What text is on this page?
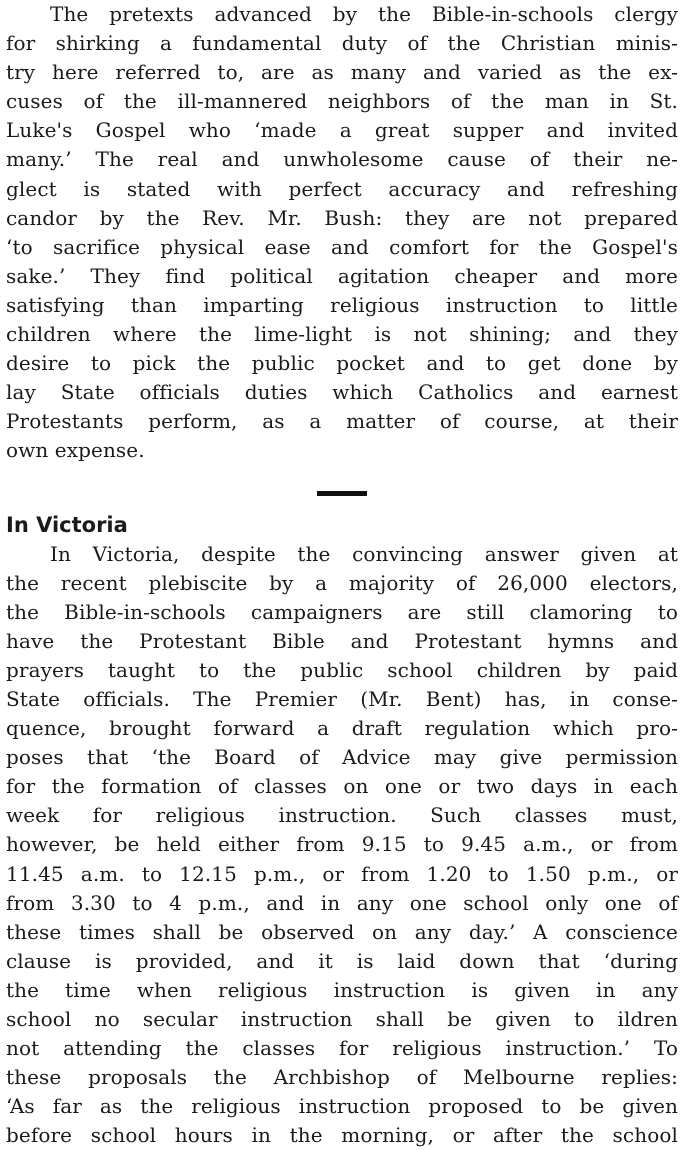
The pretexts advanced by the Bible-in-schools clergy
for shirking a fundamental duty of the Christian minis-
try here referred to, are as many and varied as the ex-
cuses of the ill-mannered neighbors of the man in St.
Luke's Gospel who ‘made a great supper and invited
many.’ The real and unwholesome cause of their ne-
glect is stated with perfect accuracy and refreshing
candor by the Rev. Mr. Bush: they are not prepared
‘to sacrifice physical ease and comfort for the Gospel's
sake.’ They find political agitation cheaper and more
satisfying than imparting religious instruction to little
children where the lime-light is not shining; and they
desire to pick the public pocket and to get done by
lay State officials duties which Catholics and earnest
Protestants perform, as a matter of course, at their
own expense.
In Victoria
In Victoria, despite the convincing answer given at
the recent plebiscite by a majority of 26,000 electors,
the Bible-in-schools campaigners are still clamoring to
have the Protestant Bible and Protestant hymns and
prayers taught to the public school children by paid
State officials. The Premier (Mr. Bent) has, in conse-
quence, brought forward a draft regulation which pro-
poses that ‘the Board of Advice may give permission
for the formation of classes on one or two days in each
week for religious instruction. Such classes must,
however, be held either from 9.15 to 9.45 a.m., or from
11.45 a.m. to 12.15 p.m., or from 1.20 to 1.50 p.m., or
from 3.30 to 4 p.m., and in any one school only one of
these times shall be observed on any day.’ A conscience
clause is provided, and it is laid down that ‘during
the time when religious instruction is given in any
school no secular instruction shall be given to ildren
not attending the classes for religious instruction.’ To
these proposals the Archbishop of Melbourne replies:
‘As far as the religious instruction proposed to be given
before school hours in the morning, or after the school
